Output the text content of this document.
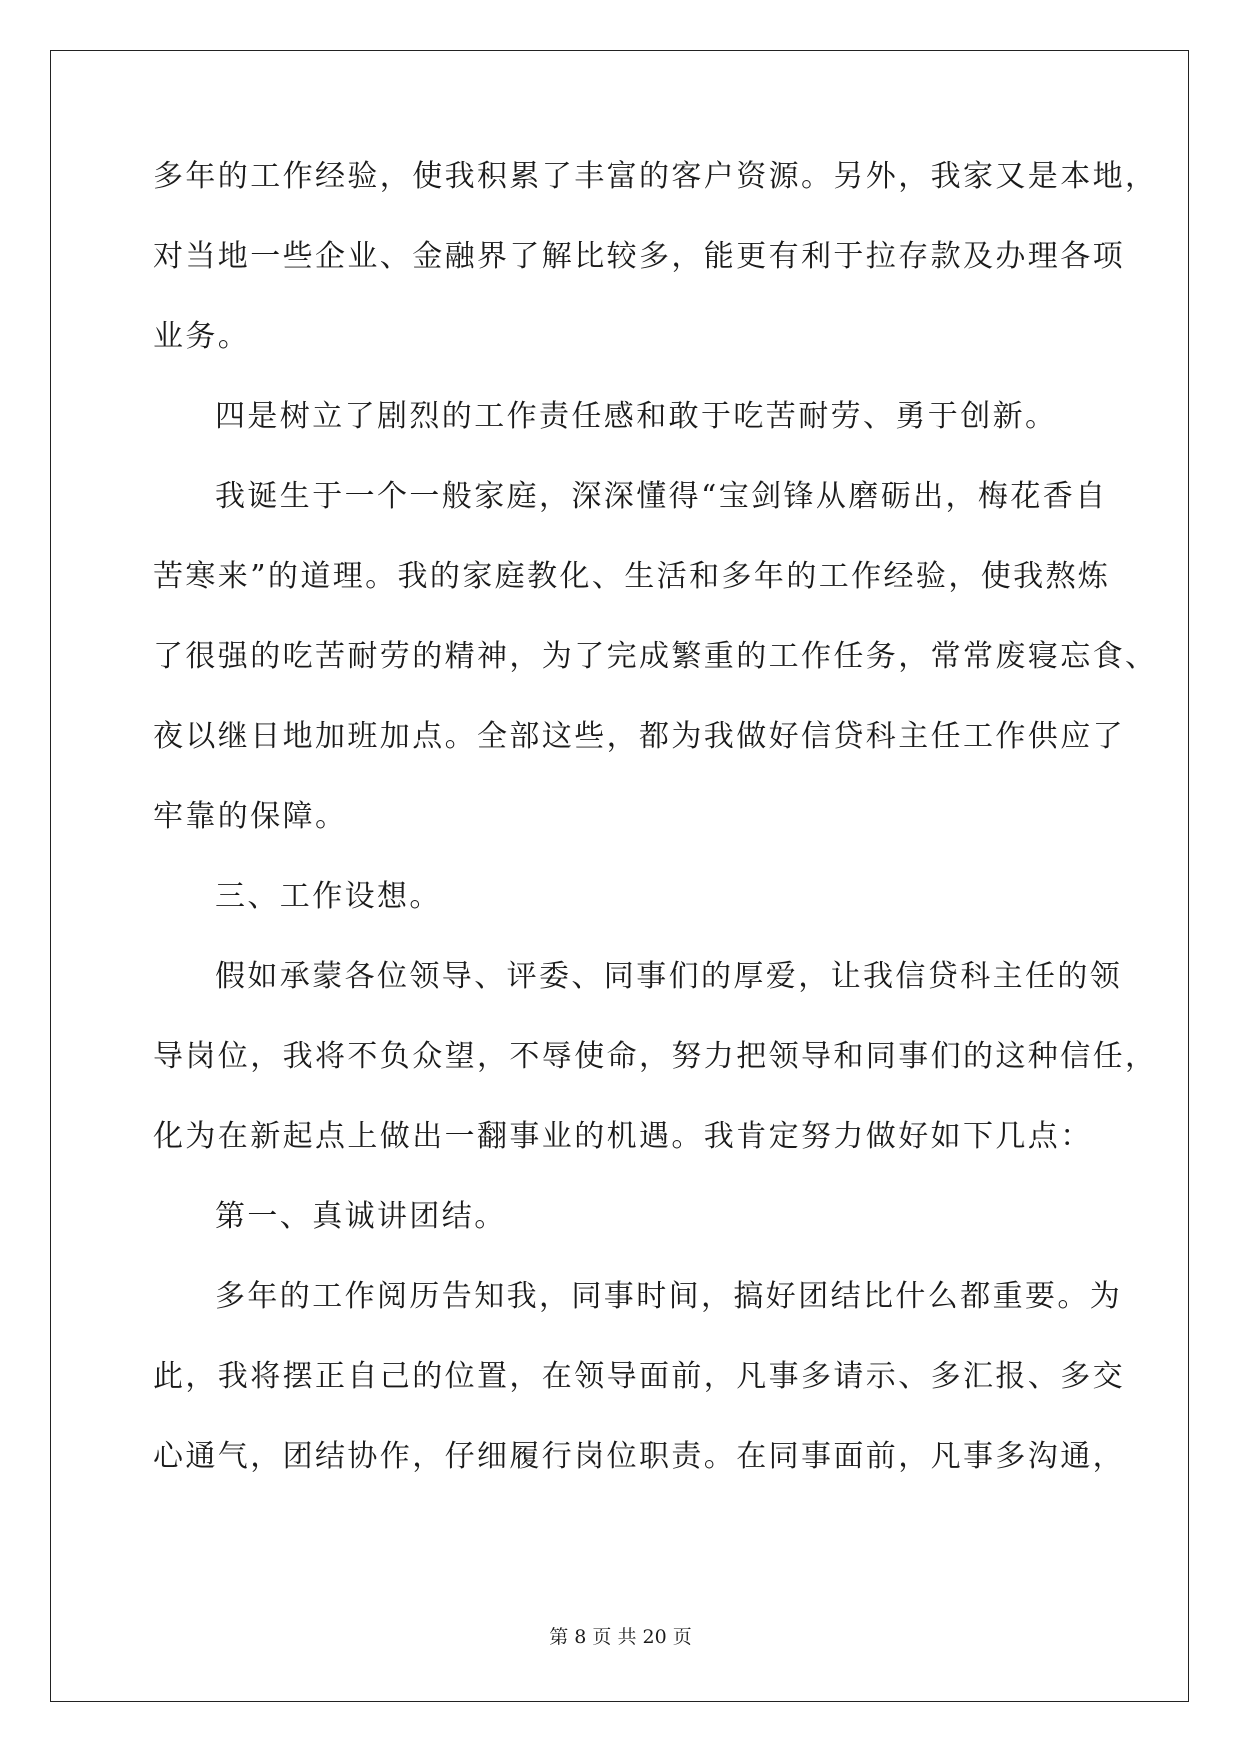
多年的工作经验，使我积累了丰富的客户资源。另外，我家又是本地，
对当地一些企业、金融界了解比较多，能更有利于拉存款及办理各项
业务。
四是树立了剧烈的工作责任感和敢于吃苦耐劳、勇于创新。
我诞生于一个一般家庭，深深懂得“宝剑锋从磨砺出，梅花香自
苦寒来”的道理。我的家庭教化、生活和多年的工作经验，使我熬炼
了很强的吃苦耐劳的精神，为了完成繁重的工作任务，常常废寝忘食、
夜以继日地加班加点。全部这些，都为我做好信贷科主任工作供应了
牢靠的保障。
三、工作设想。
假如承蒙各位领导、评委、同事们的厚爱，让我信贷科主任的领
导岗位，我将不负众望，不辱使命，努力把领导和同事们的这种信任，
化为在新起点上做出一翻事业的机遇。我肯定努力做好如下几点：
第一、真诚讲团结。
多年的工作阅历告知我，同事时间，搞好团结比什么都重要。为
此，我将摆正自己的位置，在领导面前，凡事多请示、多汇报、多交
心通气，团结协作，仔细履行岗位职责。在同事面前，凡事多沟通，
第 8 页 共 20 页
